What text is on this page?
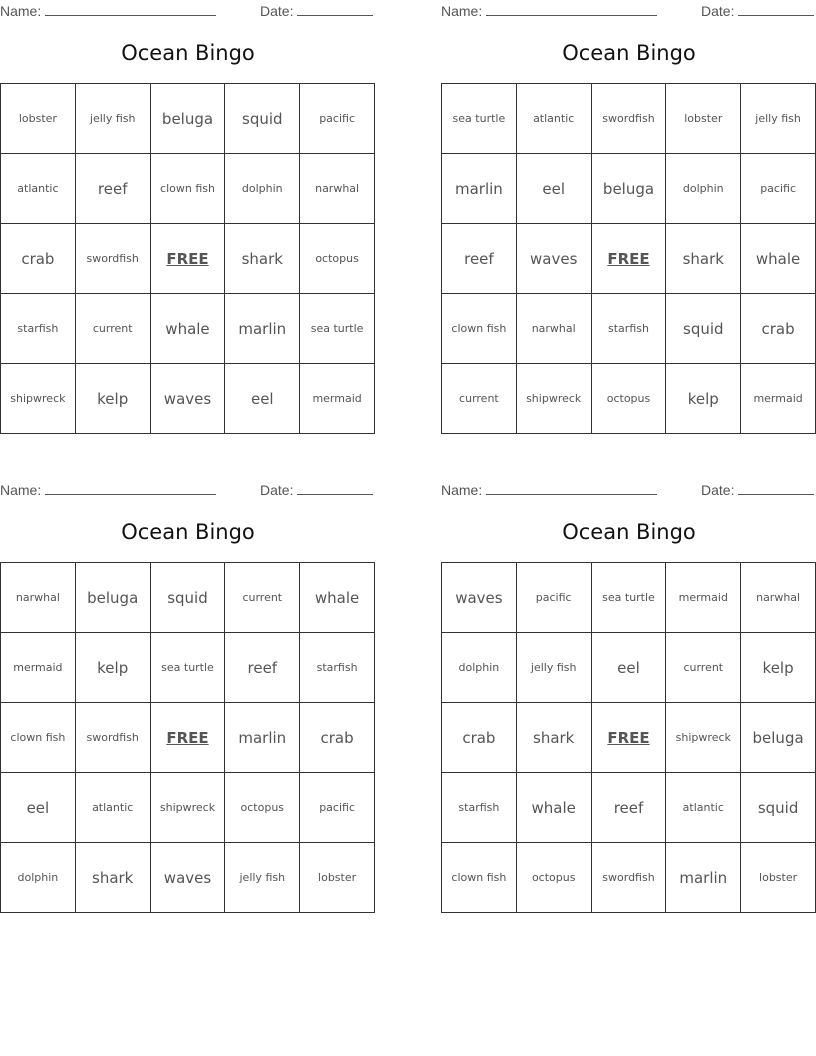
Name:	Date:
Ocean Bingo
lobster	jelly fish	beluga	squid	pacific
atlantic	reef	clown fish	dolphin	narwhal
crab	swordfish	FREE	shark	octopus
starfish	current	whale	marlin	sea turtle
shipwreck	kelp	waves	eel	mermaid
Name:	Date:
Ocean Bingo
sea turtle	atlantic	swordfish	lobster	jelly fish
marlin	eel	beluga	dolphin	pacific
reef	waves	FREE	shark	whale
clown fish	narwhal	starfish	squid	crab
current	shipwreck	octopus	kelp	mermaid
Name:	Date:
Ocean Bingo
narwhal	beluga	squid	current	whale
mermaid	kelp	sea turtle	reef	starfish
clown fish	swordfish	FREE	marlin	crab
eel	atlantic	shipwreck	octopus	pacific
dolphin	shark	waves	jelly fish	lobster
Name:	Date:
Ocean Bingo
waves	pacific	sea turtle	mermaid	narwhal
dolphin	jelly fish	eel	current	kelp
crab	shark	FREE	shipwreck	beluga
starfish	whale	reef	atlantic	squid
clown fish	octopus	swordfish	marlin	lobster
